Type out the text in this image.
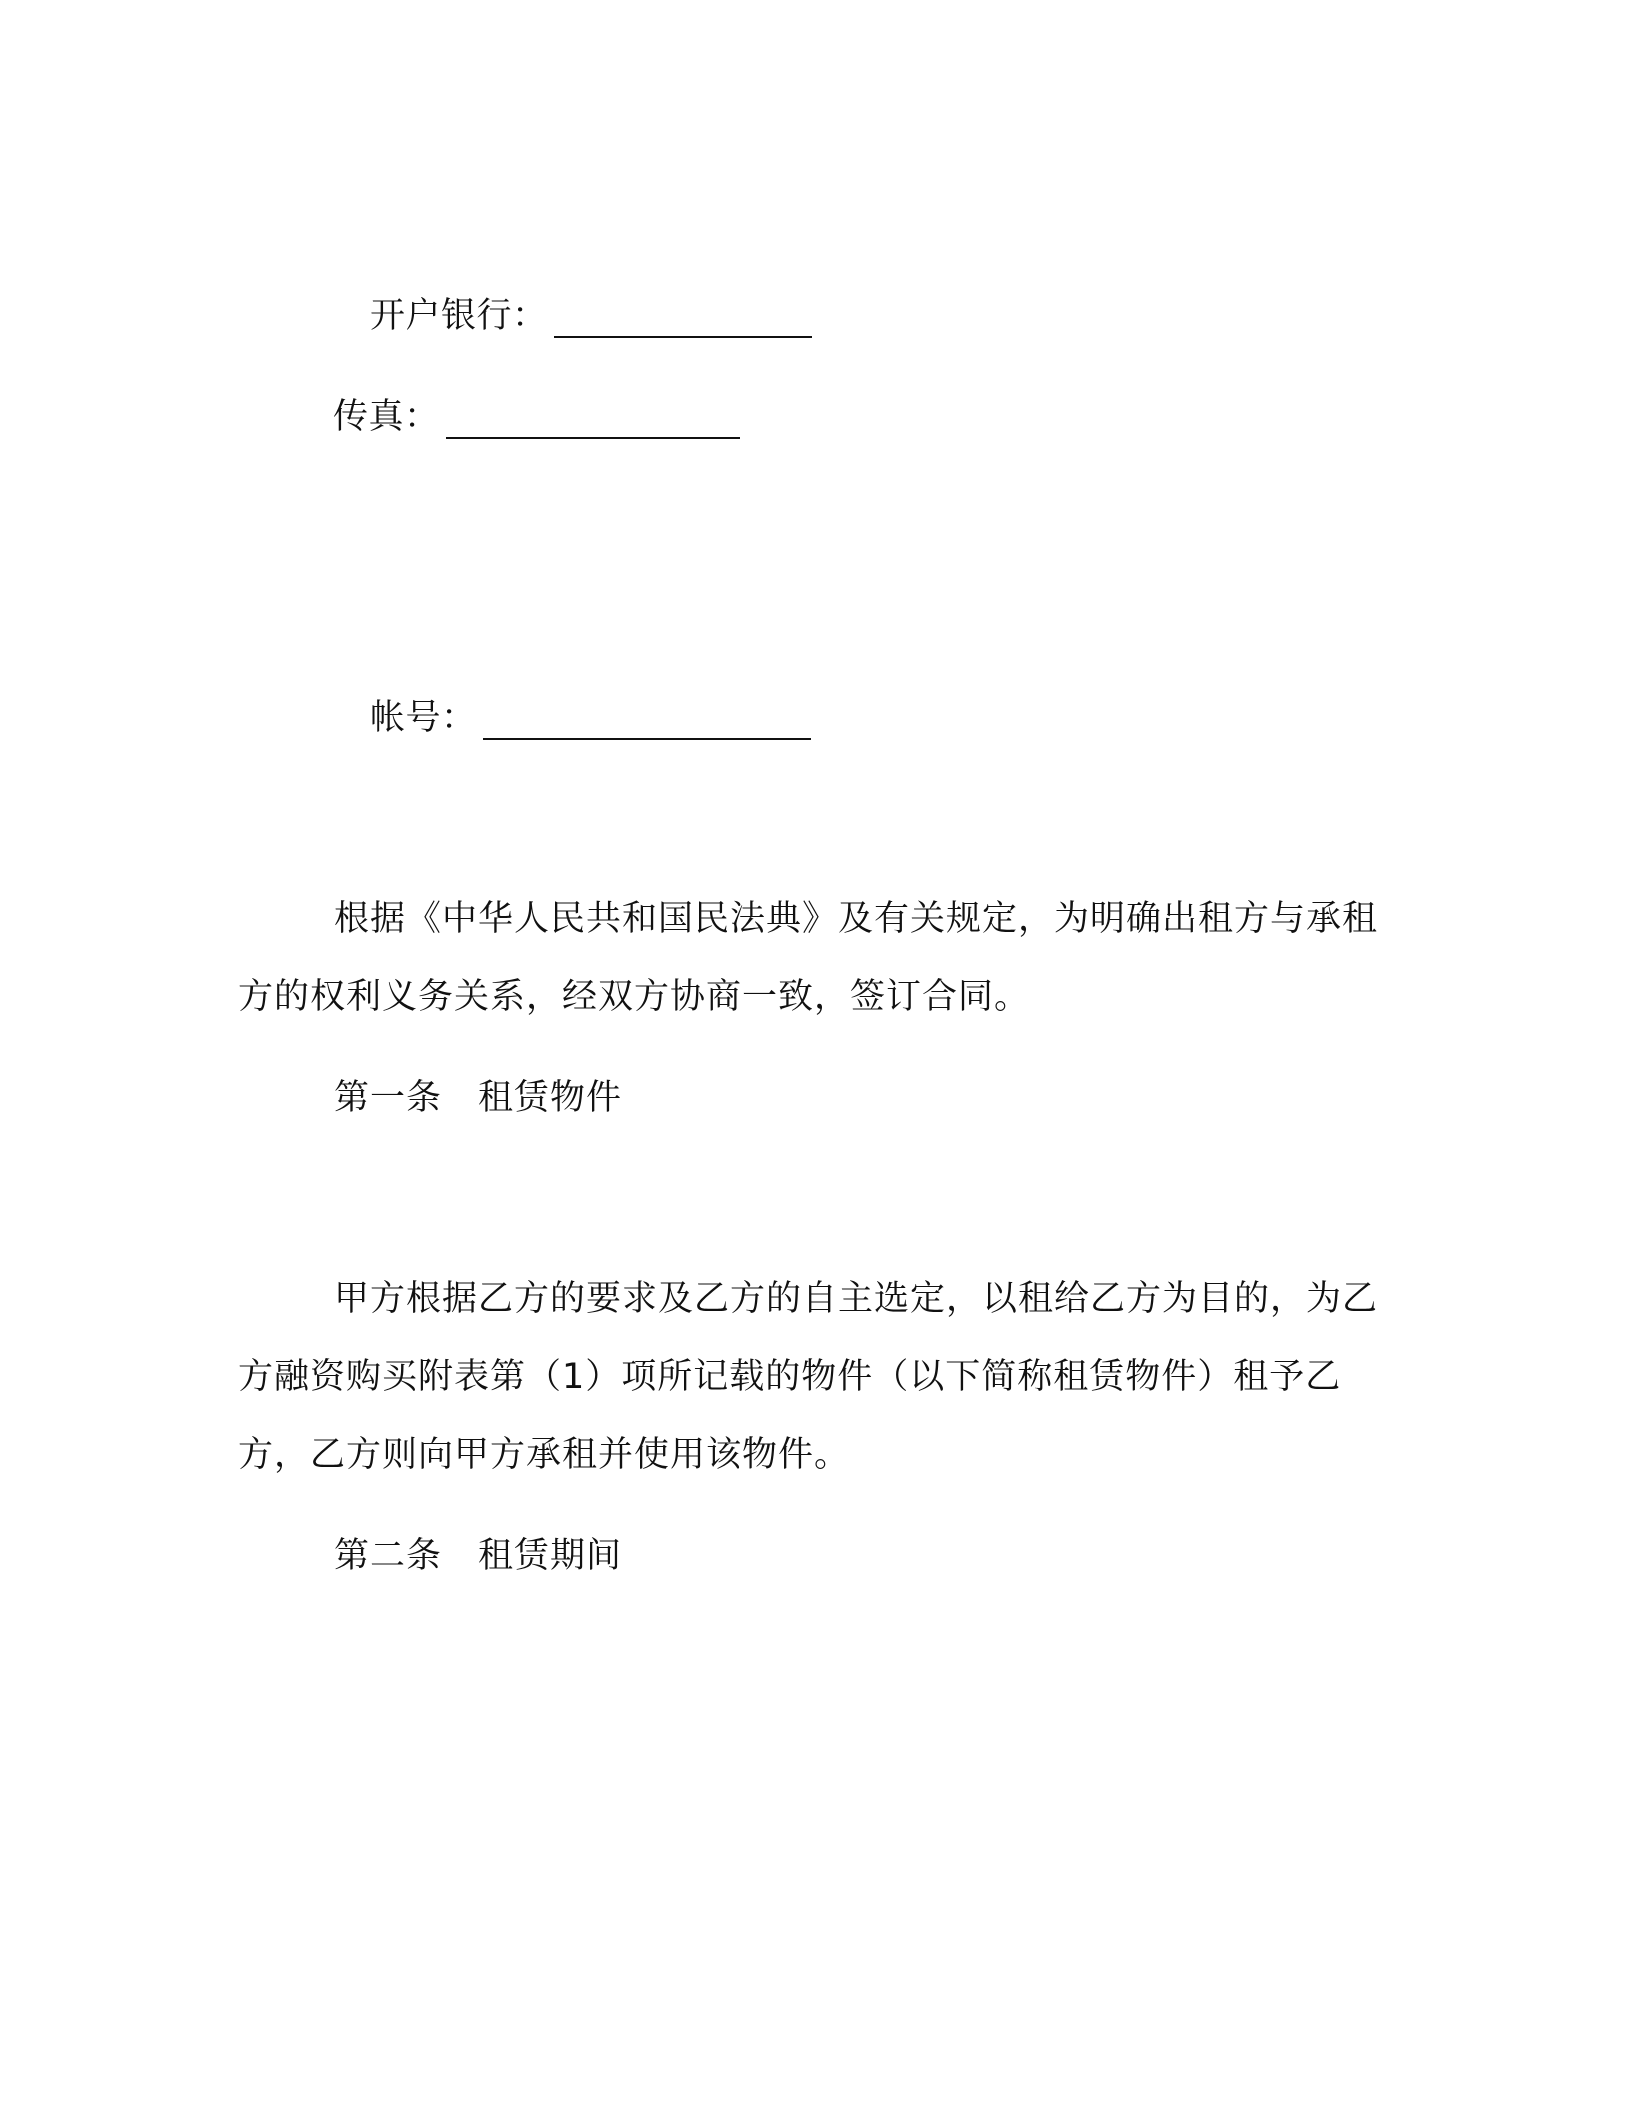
开户银行：
传真：
帐号：

根据《中华人民共和国民法典》及有关规定，为明确出租方与承租方的权利义务关系，经双方协商一致，签订合同。

第一条　租赁物件

甲方根据乙方的要求及乙方的自主选定，以租给乙方为目的，为乙方融资购买附表第（1）项所记载的物件（以下简称租赁物件）租予乙方，乙方则向甲方承租并使用该物件。

第二条　租赁期间
